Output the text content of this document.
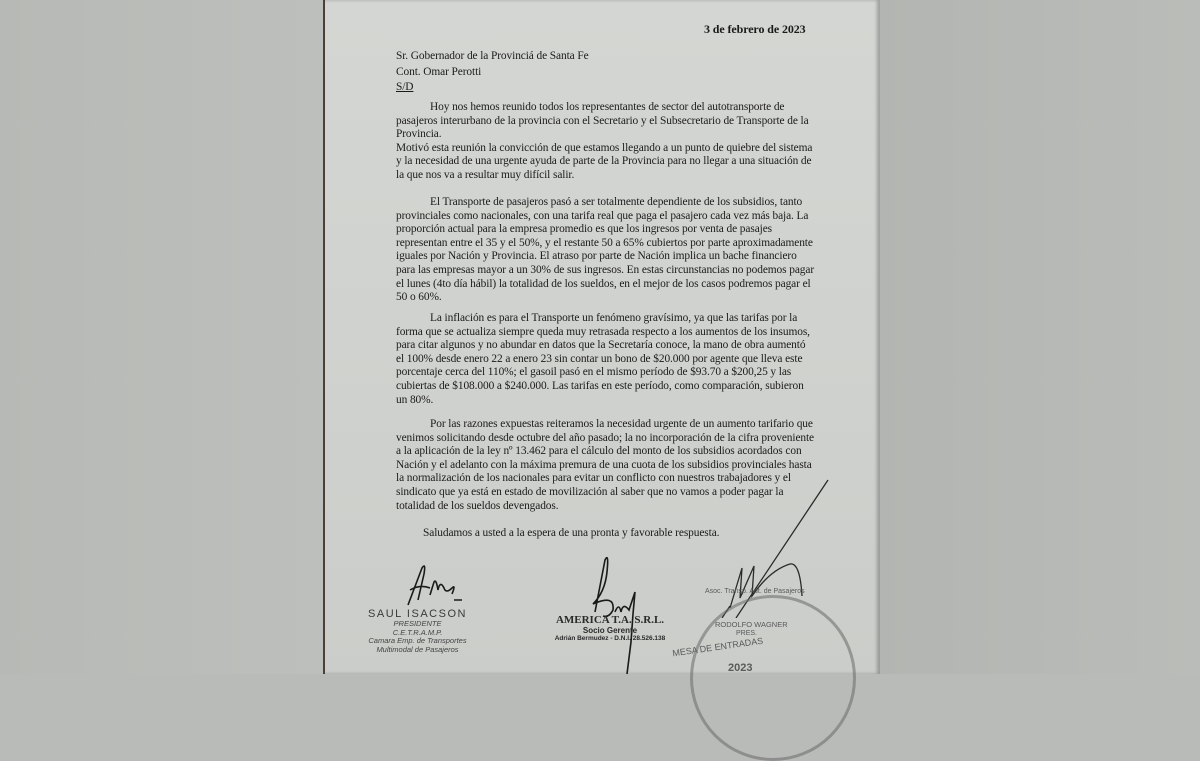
3 de febrero de 2023
Sr. Gobernador de la Provinciá de Santa Fe
Cont. Omar Perotti
S/D

Hoy nos hemos reunido todos los representantes de sector del autotransporte de pasajeros interurbano de la provincia con el Secretario y el Subsecretario de Transporte de la Provincia.

Motivó esta reunión la convicción de que estamos llegando a un punto de quiebre del sistema y la necesidad de una urgente ayuda de parte de la Provincia para no llegar a una situación de la que nos va a resultar muy difícil salir.

El Transporte de pasajeros pasó a ser totalmente dependiente de los subsidios, tanto provinciales como nacionales, con una tarifa real que paga el pasajero cada vez más baja. La proporción actual para la empresa promedio es que los ingresos por venta de pasajes representan entre el 35 y el 50%, y el restante 50 a 65% cubiertos por parte aproximadamente iguales por Nación y Provincia. El atraso por parte de Nación implica un bache financiero para las empresas mayor a un 30% de sus ingresos. En estas circunstancias no podemos pagar el lunes (4to día hábil) la totalidad de los sueldos, en el mejor de los casos podremos pagar el 50 o 60%.

La inflación es para el Transporte un fenómeno gravísimo, ya que las tarifas por la forma que se actualiza siempre queda muy retrasada respecto a los aumentos de los insumos, para citar algunos y no abundar en datos que la Secretaría conoce, la mano de obra aumentó el 100% desde enero 22 a enero 23 sin contar un bono de $20.000 por agente que lleva este porcentaje cerca del 110%; el gasoil pasó en el mismo período de $93.70 a $200,25 y las cubiertas de $108.000 a $240.000. Las tarifas en este período, como comparación, subieron un 80%.

Por las razones expuestas reiteramos la necesidad urgente de un aumento tarifario que venimos solicitando desde octubre del año pasado; la no incorporación de la cifra proveniente a la aplicación de la ley nº 13.462 para el cálculo del monto de los subsidios acordados con Nación y el adelanto con la máxima premura de una cuota de los subsidios provinciales hasta la normalización de los nacionales para evitar un conflicto con nuestros trabajadores y el sindicato que ya está en estado de movilización al saber que no vamos a poder pagar la totalidad de los sueldos devengados.

Saludamos a usted a la espera de una pronta y favorable respuesta.
SAUL ISACSON
PRESIDENTE
C.E.T.R.A.M.P.
Camara Emp. de Transportes
Multimodal de Pasajeros
AMERICA T.A. S.R.L.
Socio Gerente
Adrián Bermudez - D.N.I. 28.526.138
Asoc. Transp. Aut. de Pasajeros
RODOLFO WAGNER
PRES.
MESA DE ENTRADAS
2023
